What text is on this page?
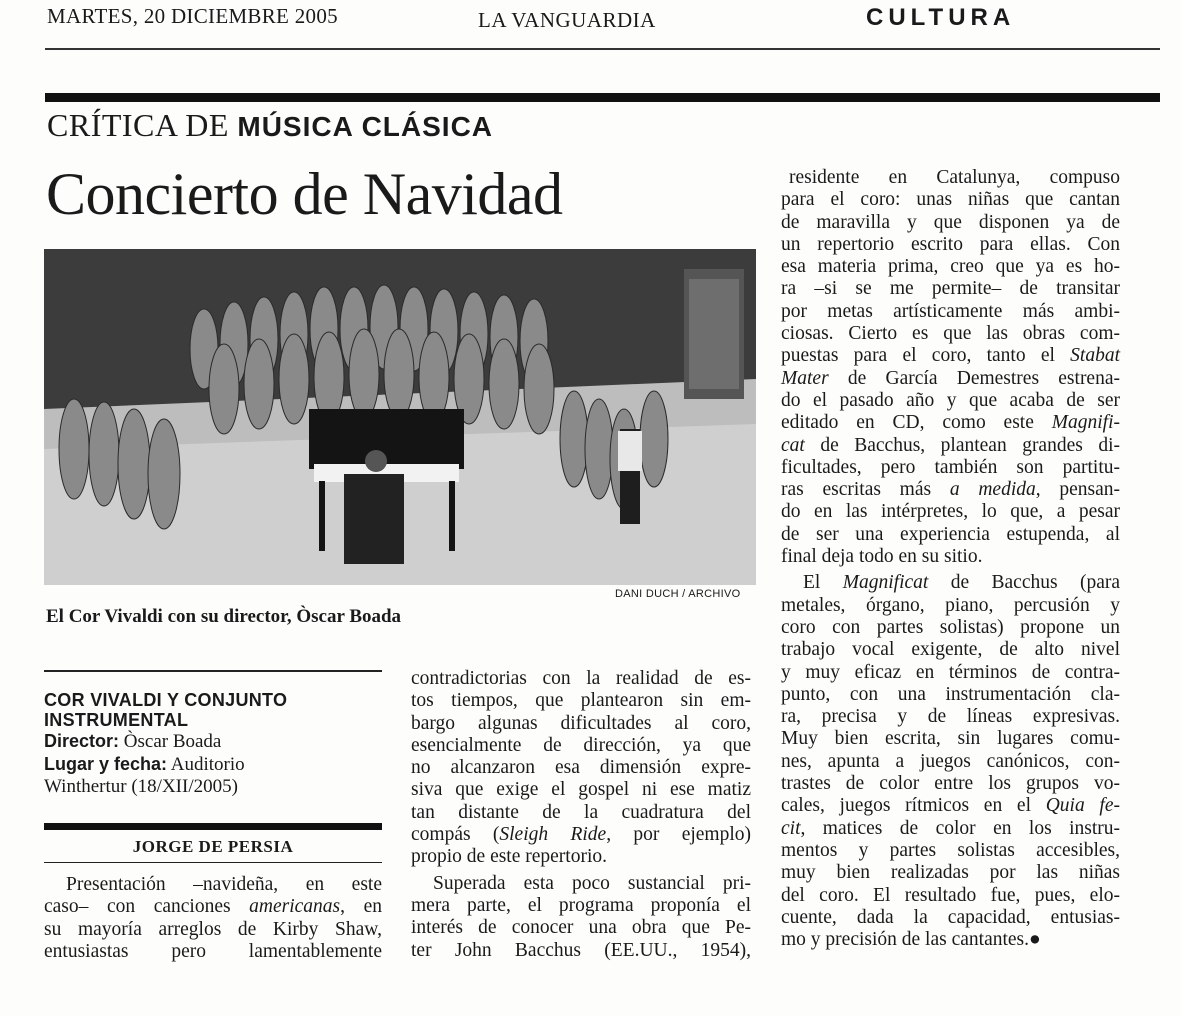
MARTES, 20 DICIEMBRE 2005	LA VANGUARDIA	CULTURA
CRÍTICA DE MÚSICA CLÁSICA
Concierto de Navidad
DANI DUCH / ARCHIVO
El Cor Vivaldi con su director, Òscar Boada
COR VIVALDI Y CONJUNTO
INSTRUMENTAL
Director: Òscar Boada
Lugar y fecha: Auditorio
Winthertur (18/XII/2005)
JORGE DE PERSIA
Presentación –navideña, en este
caso– con canciones americanas, en
su mayoría arreglos de Kirby Shaw,
entusiastas pero lamentablemente
contradictorias con la realidad de es-
tos tiempos, que plantearon sin em-
bargo algunas dificultades al coro,
esencialmente de dirección, ya que
no alcanzaron esa dimensión expre-
siva que exige el gospel ni ese matiz
tan distante de la cuadratura del
compás (Sleigh Ride, por ejemplo)
propio de este repertorio.
Superada esta poco sustancial pri-
mera parte, el programa proponía el
interés de conocer una obra que Pe-
ter John Bacchus (EE.UU., 1954),
residente en Catalunya, compuso
para el coro: unas niñas que cantan
de maravilla y que disponen ya de
un repertorio escrito para ellas. Con
esa materia prima, creo que ya es ho-
ra –si se me permite– de transitar
por metas artísticamente más ambi-
ciosas. Cierto es que las obras com-
puestas para el coro, tanto el Stabat
Mater de García Demestres estrena-
do el pasado año y que acaba de ser
editado en CD, como este Magnifi-
cat de Bacchus, plantean grandes di-
ficultades, pero también son partitu-
ras escritas más a medida, pensan-
do en las intérpretes, lo que, a pesar
de ser una experiencia estupenda, al
final deja todo en su sitio.
El Magnificat de Bacchus (para
metales, órgano, piano, percusión y
coro con partes solistas) propone un
trabajo vocal exigente, de alto nivel
y muy eficaz en términos de contra-
punto, con una instrumentación cla-
ra, precisa y de líneas expresivas.
Muy bien escrita, sin lugares comu-
nes, apunta a juegos canónicos, con-
trastes de color entre los grupos vo-
cales, juegos rítmicos en el Quia fe-
cit, matices de color en los instru-
mentos y partes solistas accesibles,
muy bien realizadas por las niñas
del coro. El resultado fue, pues, elo-
cuente, dada la capacidad, entusias-
mo y precisión de las cantantes.●
